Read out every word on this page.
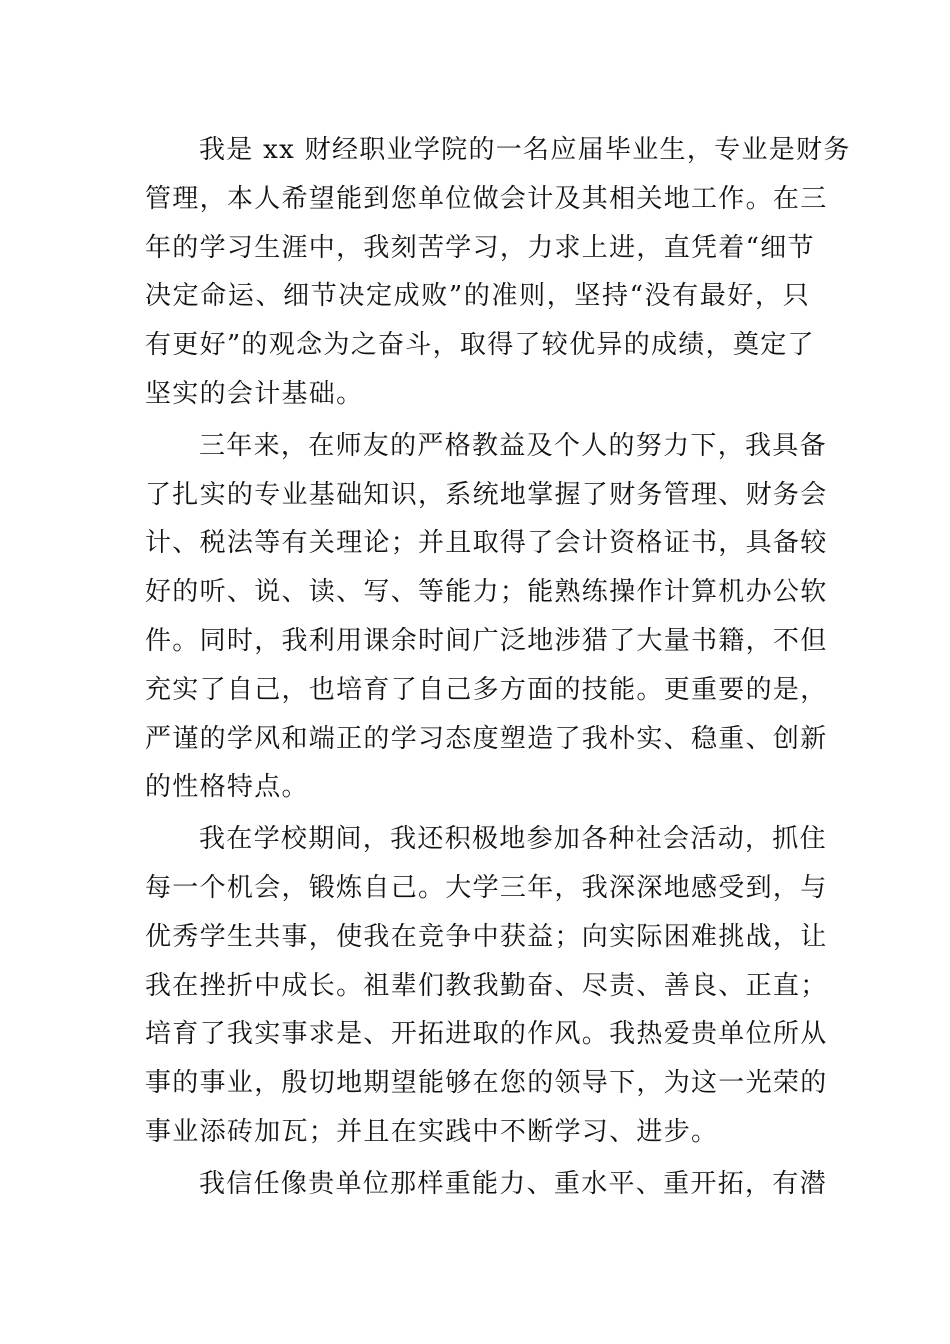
我是 xx 财经职业学院的一名应届毕业生，专业是财务
管理，本人希望能到您单位做会计及其相关地工作。在三
年的学习生涯中，我刻苦学习，力求上进，直凭着“细节
决定命运、细节决定成败”的准则，坚持“没有最好，只
有更好”的观念为之奋斗，取得了较优异的成绩，奠定了
坚实的会计基础。
三年来，在师友的严格教益及个人的努力下，我具备
了扎实的专业基础知识，系统地掌握了财务管理、财务会
计、税法等有关理论；并且取得了会计资格证书，具备较
好的听、说、读、写、等能力；能熟练操作计算机办公软
件。同时，我利用课余时间广泛地涉猎了大量书籍，不但
充实了自己，也培育了自己多方面的技能。更重要的是，
严谨的学风和端正的学习态度塑造了我朴实、稳重、创新
的性格特点。
我在学校期间，我还积极地参加各种社会活动，抓住
每一个机会，锻炼自己。大学三年，我深深地感受到，与
优秀学生共事，使我在竞争中获益；向实际困难挑战，让
我在挫折中成长。祖辈们教我勤奋、尽责、善良、正直；
培育了我实事求是、开拓进取的作风。我热爱贵单位所从
事的事业，殷切地期望能够在您的领导下，为这一光荣的
事业添砖加瓦；并且在实践中不断学习、进步。
我信任像贵单位那样重能力、重水平、重开拓，有潜
